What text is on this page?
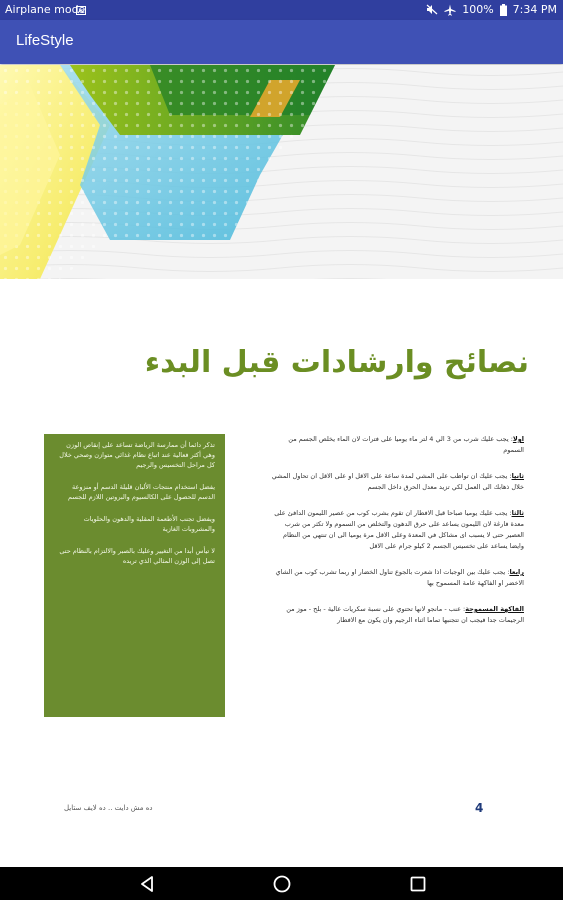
Airplane mode	100% 7:34 PM
LifeStyle
نصائح وارشادات قبل البدء

تذكر دائما أن ممارسة الرياضة تساعد على إنقاص الوزن وهي أكثر فعالية عند اتباع نظام غذائي متوازن وصحي خلال كل مراحل التخسيس والرجيم

يفضل استخدام منتجات الألبان قليلة الدسم أو منزوعة الدسم للحصول على الكالسيوم والبروتين اللازم للجسم

ويفضل تجنب الأطعمة المقلية والدهون والحلويات والمشروبات الغازية

لا تيأس أبدا من التغيير وعليك بالصبر والالتزام بالنظام حتى تصل إلى الوزن المثالي الذي تريده

اولا: يجب عليك شرب من 3 الي 4 لتر ماء يوميا على فترات لان الماء يخلص الجسم من السموم
ثانيا: يجب عليك ان تواظب على المشي لمدة ساعة على الاقل او على الاقل ان تحاول المشي خلال ذهابك الى العمل لكي تزيد معدل الحرق داخل الجسم
ثالثا: يجب عليك يوميا صباحا قبل الافطار ان تقوم بشرب كوب من عصير الليمون الدافئ على معدة فارغة لان الليمون يساعد على حرق الدهون والتخلص من السموم ولا تكثر من شرب العصير حتى لا يسبب اى مشاكل في المعدة وعلى الاقل مرة يوميا الى ان تنتهي من النظام وايضا يساعد على تخسيس الجسم 2 كيلو جرام على الاقل
رابعا: يجب عليك بين الوجبات اذا شعرت بالجوع تناول الخضار او ربما تشرب كوب من الشاي الاخضر او الفاكهة عامة المسموح بها
الفاكهة المسموحة: عنب - مانجو لانها تحتوي على نسبة سكريات عالية - بلح - موز من الرجيمات جدا فيجب ان تتجنبها تماما اثناء الرجيم وان يكون مع الافطار
ده مش دايت .. ده لايف ستايل	4
